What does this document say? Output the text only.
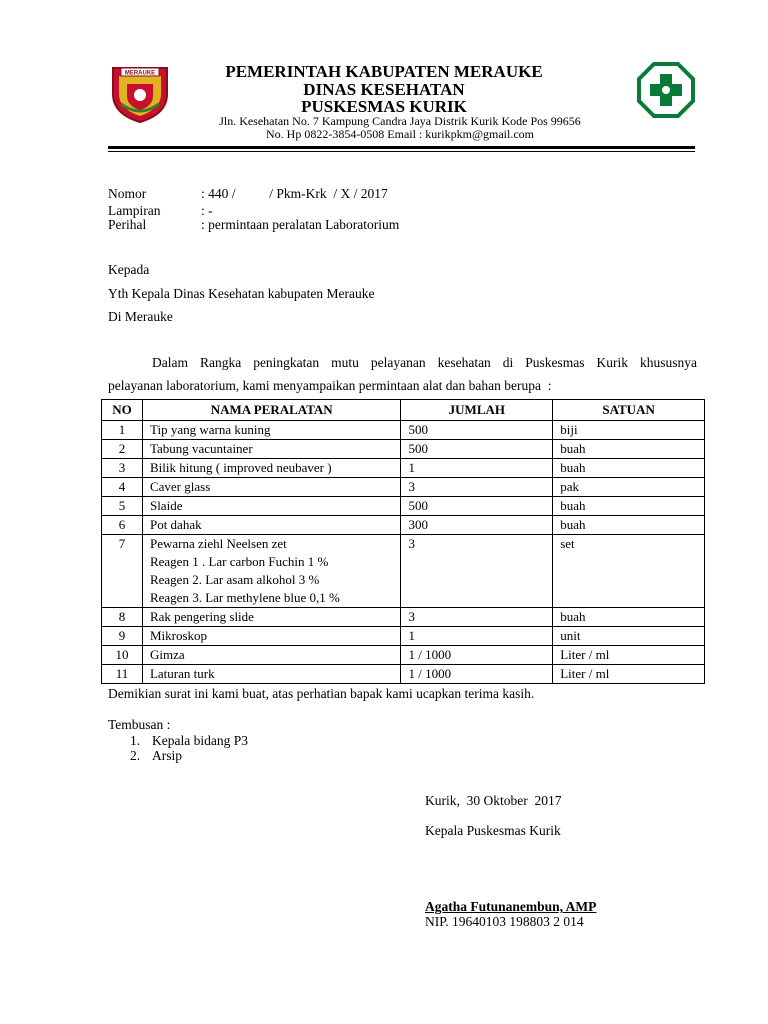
MERAUKE	PEMERINTAH KABUPATEN MERAUKE
DINAS KESEHATAN
PUSKESMAS KURIK
Jln. Kesehatan No. 7 Kampung Candra Jaya Distrik Kurik Kode Pos 99656
No. Hp 0822-3854-0508 Email : kurikpkm@gmail.com
Nomor	: 440 /          / Pkm-Krk  / X / 2017
Lampiran	: -
Perihal	: permintaan peralatan Laboratorium
Kepada
Yth Kepala Dinas Kesehatan kabupaten Merauke
Di Merauke
Dalam Rangka peningkatan mutu pelayanan kesehatan di Puskesmas Kurik khususnya
pelayanan laboratorium, kami menyampaikan permintaan alat dan bahan berupa  :
NO	NAMA PERALATAN	JUMLAH	SATUAN
1	Tip yang warna kuning	500	biji
2	Tabung vacuntainer	500	buah
3	Bilik hitung ( improved neubaver )	1	buah
4	Caver glass	3	pak
5	Slaide	500	buah
6	Pot dahak	300	buah
7	Pewarna ziehl Neelsen zet
Reagen 1 . Lar carbon Fuchin 1 %
Reagen 2. Lar asam alkohol 3 %
Reagen 3. Lar methylene blue 0,1 %	3	set
8	Rak pengering slide	3	buah
9	Mikroskop	1	unit
10	Gimza	1 / 1000	Liter / ml
11	Laturan turk	1 / 1000	Liter / ml
Demikian surat ini kami buat, atas perhatian bapak kami ucapkan terima kasih.
Tembusan :
1. Kepala bidang P3
2. Arsip
Kurik,  30 Oktober  2017
Kepala Puskesmas Kurik
Agatha Futunanembun, AMP
NIP. 19640103 198803 2 014
